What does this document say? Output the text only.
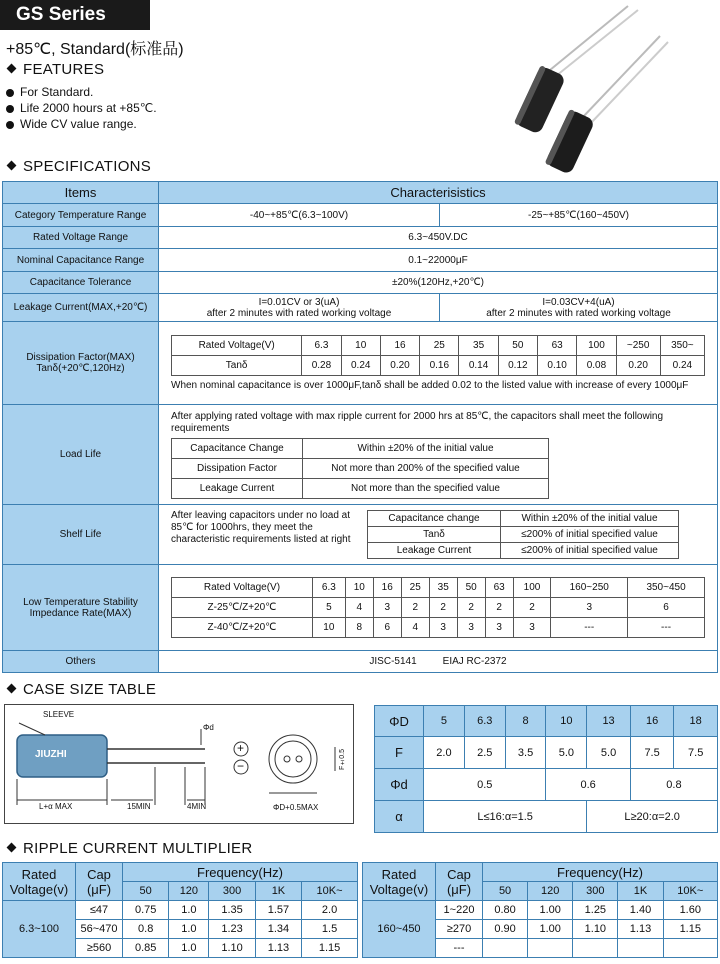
GS Series
+85℃, Standard(标准品)
FEATURES
For Standard.
Life 2000 hours at +85℃.
Wide CV value range.
SPECIFICATIONS
Items	Characterisistics
Category Temperature Range	-40~+85℃(6.3~100V)	-25~+85℃(160~450V)
Rated Voltage Range	6.3~450V.DC
Nominal Capacitance Range	0.1~22000μF
Capacitance Tolerance	±20%(120Hz,+20℃)
Leakage Current(MAX,+20℃)	I=0.01CV or 3(uA)
after 2 minutes with rated working voltage

I=0.03CV+4(uA)
after 2 minutes with rated working voltage

Dissipation Factor(MAX)
Tanδ(+20℃,120Hz)

Rated Voltage(V)	6.3	10	16	25	35	50	63	100	~250	350~
Tanδ	0.28	0.24	0.20	0.16	0.14	0.12	0.10	0.08	0.20	0.24
When nominal capacitance is over 1000μF,tanδ shall be added 0.02 to the listed value with increase of every 1000μF

Load Life	
After applying rated voltage with max ripple current for 2000 hrs at 85℃, the capacitors shall meet the following requirements
Capacitance Change	Within ±20% of the initial value
Dissipation Factor	Not more than 200% of the specified value
Leakage Current	Not more than the specified value

Shelf Life	
After leaving capacitors under no load at 85℃ for 1000hrs, they meet the characteristic requirements listed at right
Capacitance change	Within ±20% of the initial value
Tanδ	≤200% of initial specified value
Leakage Current	≤200% of initial specified value

Low Temperature Stability
Impedance Rate(MAX)

Rated Voltage(V)	6.3	10	16	25	35	50	63	100	160~250	350~450
Z-25℃/Z+20℃	5	4	3	2	2	2	2	2	3	6
Z-40℃/Z+20℃	10	8	6	4	3	3	3	3	---	---

Others	JISC-5141	EIAJ RC-2372
CASE SIZE TABLE
SLEEVE
JIUZHI
Φd
L+α MAX	15MIN	4MIN	ΦD+0.5MAX
F±0.5
+
−
ΦD	5	6.3	8	10	13	16	18
F	2.0	2.5	3.5	5.0	5.0	7.5	7.5
Φd	0.5			0.6		0.8	
α	L≤16:α=1.5				L≥20:α=2.0		
RIPPLE CURRENT MULTIPLIER
Rated Voltage(v)	Cap (μF)	Frequency(Hz)				
		50	120	300	1K	10K~
6.3~100	≤47	0.75	1.0	1.35	1.57	2.0
	56~470	0.8	1.0	1.23	1.34	1.5
	≥560	0.85	1.0	1.10	1.13	1.15
Rated Voltage(v)	Cap (μF)	Frequency(Hz)				
		50	120	300	1K	10K~
160~450	1~220	0.80	1.00	1.25	1.40	1.60
	≥270	0.90	1.00	1.10	1.13	1.15
	---					
